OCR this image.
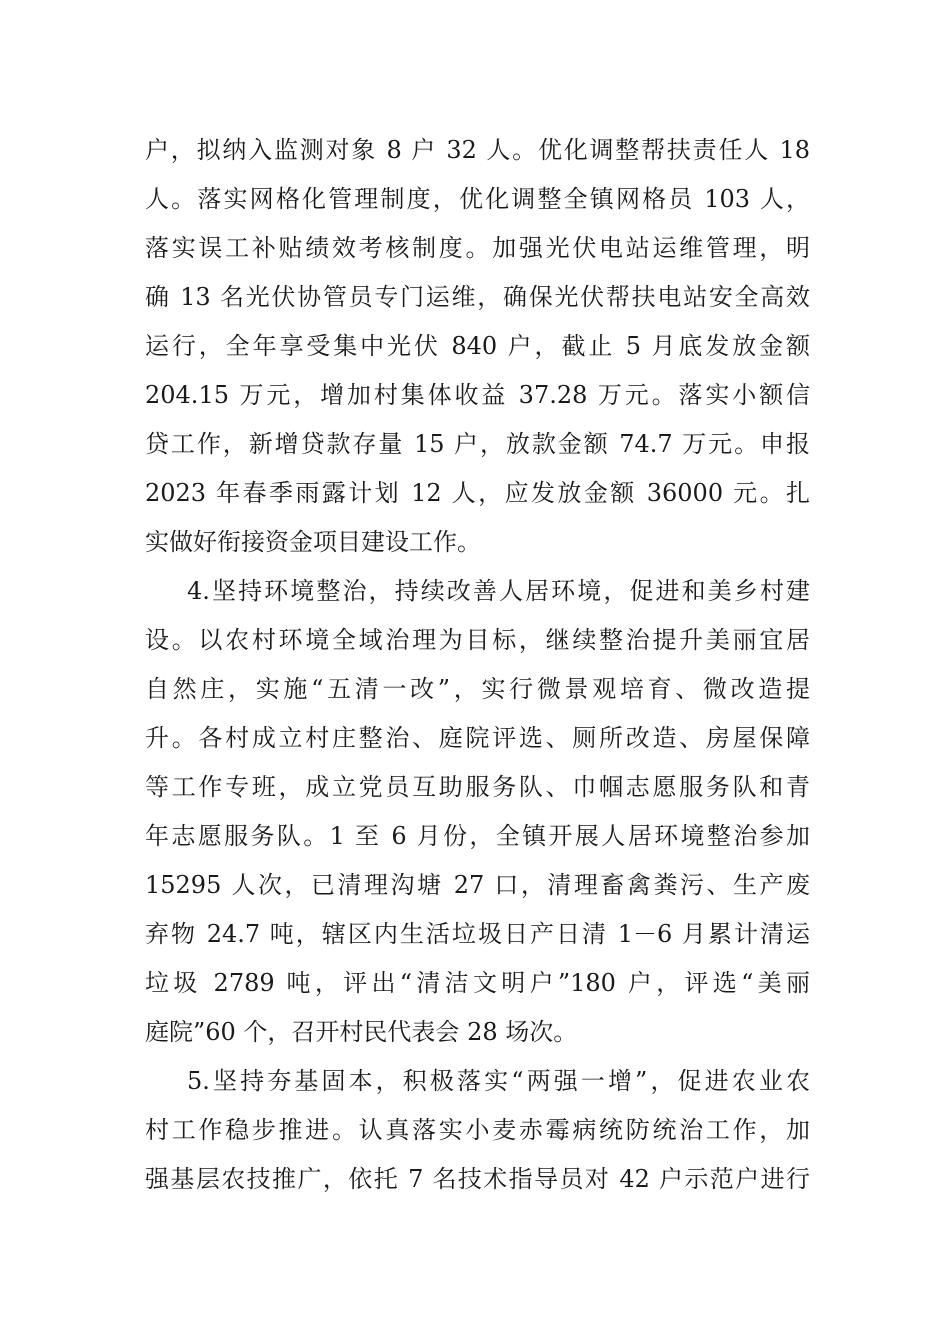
户，拟纳入监测对象 8 户 32 人。优化调整帮扶责任人 18
人。落实网格化管理制度，优化调整全镇网格员 103 人，
落实误工补贴绩效考核制度。加强光伏电站运维管理，明
确 13 名光伏协管员专门运维，确保光伏帮扶电站安全高效
运行，全年享受集中光伏 840 户，截止 5 月底发放金额
204.15 万元，增加村集体收益 37.28 万元。落实小额信
贷工作，新增贷款存量 15 户，放款金额 74.7 万元。申报
2023 年春季雨露计划 12 人，应发放金额 36000 元。扎
实做好衔接资金项目建设工作。
4.坚持环境整治，持续改善人居环境，促进和美乡村建
设。以农村环境全域治理为目标，继续整治提升美丽宜居
自然庄，实施“五清一改”，实行微景观培育、微改造提
升。各村成立村庄整治、庭院评选、厕所改造、房屋保障
等工作专班，成立党员互助服务队、巾帼志愿服务队和青
年志愿服务队。1 至 6 月份，全镇开展人居环境整治参加
15295 人次，已清理沟塘 27 口，清理畜禽粪污、生产废
弃物 24.7 吨，辖区内生活垃圾日产日清 1－6 月累计清运
垃圾 2789 吨，评出“清洁文明户”180 户，评选“美丽
庭院”60 个，召开村民代表会 28 场次。
5.坚持夯基固本，积极落实“两强一增”，促进农业农
村工作稳步推进。认真落实小麦赤霉病统防统治工作，加
强基层农技推广，依托 7 名技术指导员对 42 户示范户进行
